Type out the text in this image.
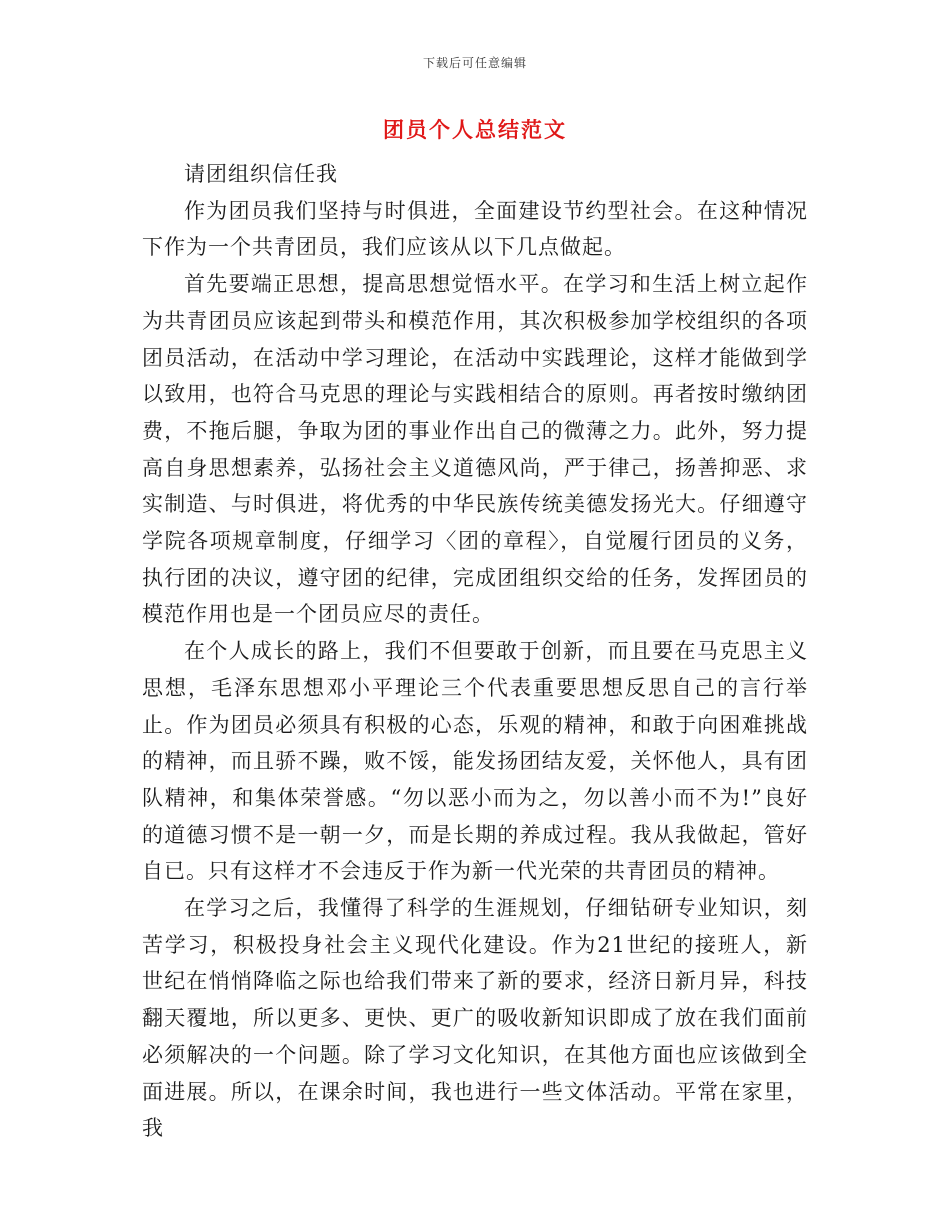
下载后可任意编辑
团员个人总结范文

请团组织信任我

作为团员我们坚持与时俱进，全面建设节约型社会。在这种情况下作为一个共青团员，我们应该从以下几点做起。

首先要端正思想，提高思想觉悟水平。在学习和生活上树立起作为共青团员应该起到带头和模范作用，其次积极参加学校组织的各项团员活动，在活动中学习理论，在活动中实践理论，这样才能做到学以致用，也符合马克思的理论与实践相结合的原则。再者按时缴纳团费，不拖后腿，争取为团的事业作出自己的微薄之力。此外，努力提高自身思想素养，弘扬社会主义道德风尚，严于律己，扬善抑恶、求实制造、与时俱进，将优秀的中华民族传统美德发扬光大。仔细遵守学院各项规章制度，仔细学习〈团的章程〉，自觉履行团员的义务，执行团的决议，遵守团的纪律，完成团组织交给的任务，发挥团员的模范作用也是一个团员应尽的责任。

在个人成长的路上，我们不但要敢于创新，而且要在马克思主义思想，毛泽东思想邓小平理论三个代表重要思想反思自己的言行举止。作为团员必须具有积极的心态，乐观的精神，和敢于向困难挑战的精神，而且骄不躁，败不馁，能发扬团结友爱，关怀他人，具有团队精神，和集体荣誉感。“勿以恶小而为之，勿以善小而不为!”良好的道德习惯不是一朝一夕，而是长期的养成过程。我从我做起，管好自已。只有这样才不会违反于作为新一代光荣的共青团员的精神。

在学习之后，我懂得了科学的生涯规划，仔细钻研专业知识，刻苦学习，积极投身社会主义现代化建设。作为21世纪的接班人，新世纪在悄悄降临之际也给我们带来了新的要求，经济日新月异，科技翻天覆地，所以更多、更快、更广的吸收新知识即成了放在我们面前必须解决的一个问题。除了学习文化知识，在其他方面也应该做到全面进展。所以，在课余时间，我也进行一些文体活动。平常在家里，我
